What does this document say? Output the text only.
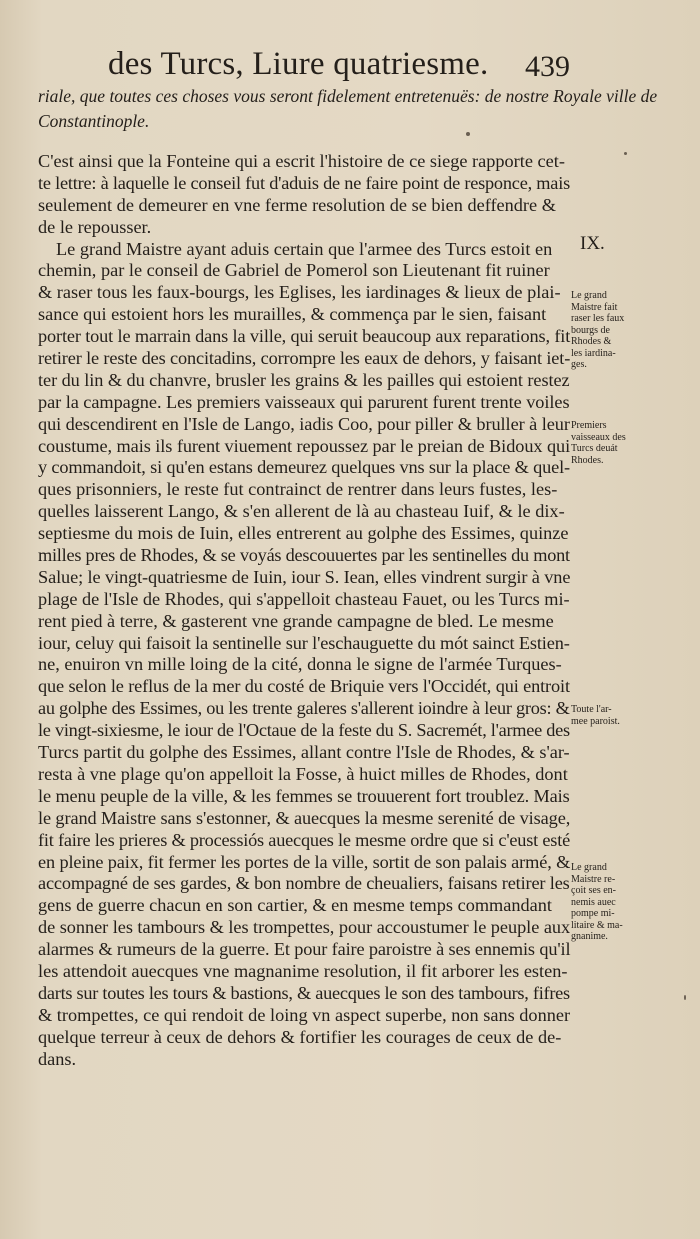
des Turcs, Liure quatriesme. 439
riale, que toutes ces choses vous seront fidelement entretenuës: de nostre Royale ville de
Constantinople.
C'est ainsi que la Fonteine qui a escrit l'histoire de ce siege rapporte cet-
te lettre: à laquelle le conseil fut d'aduis de ne faire point de responce, mais
seulement de demeurer en vne ferme resolution de se bien deffendre &
de le repousser.
Le grand Maistre ayant aduis certain que l'armee des Turcs estoit en
chemin, par le conseil de Gabriel de Pomerol son Lieutenant fit ruiner
& raser tous les faux-bourgs, les Eglises, les iardinages & lieux de plai-
sance qui estoient hors les murailles, & commença par le sien, faisant
porter tout le marrain dans la ville, qui seruit beaucoup aux reparations, fit
retirer le reste des concitadins, corrompre les eaux de dehors, y faisant iet-
ter du lin & du chanvre, brusler les grains & les pailles qui estoient restez
par la campagne. Les premiers vaisseaux qui parurent furent trente voiles
qui descendirent en l'Isle de Lango, iadis Coo, pour piller & bruller à leur
coustume, mais ils furent viuement repoussez par le preian de Bidoux qui
y commandoit, si qu'en estans demeurez quelques vns sur la place & quel-
ques prisonniers, le reste fut contrainct de rentrer dans leurs fustes, les-
quelles laisserent Lango, & s'en allerent de là au chasteau Iuif, & le dix-
septiesme du mois de Iuin, elles entrerent au golphe des Essimes, quinze
milles pres de Rhodes, & se voyás descouuertes par les sentinelles du mont
Salue; le vingt-quatriesme de Iuin, iour S. Iean, elles vindrent surgir à vne
plage de l'Isle de Rhodes, qui s'appelloit chasteau Fauet, ou les Turcs mi-
rent pied à terre, & gasterent vne grande campagne de bled. Le mesme
iour, celuy qui faisoit la sentinelle sur l'eschauguette du mót sainct Estien-
ne, enuiron vn mille loing de la cité, donna le signe de l'armée Turques-
que selon le reflus de la mer du costé de Briquie vers l'Occidét, qui entroit
au golphe des Essimes, ou les trente galeres s'allerent ioindre à leur gros: &
le vingt-sixiesme, le iour de l'Octaue de la feste du S. Sacremét, l'armee des
Turcs partit du golphe des Essimes, allant contre l'Isle de Rhodes, & s'ar-
resta à vne plage qu'on appelloit la Fosse, à huict milles de Rhodes, dont
le menu peuple de la ville, & les femmes se trouuerent fort troublez. Mais
le grand Maistre sans s'estonner, & auecques la mesme serenité de visage,
fit faire les prieres & processiós auecques le mesme ordre que si c'eust esté
en pleine paix, fit fermer les portes de la ville, sortit de son palais armé, &
accompagné de ses gardes, & bon nombre de cheualiers, faisans retirer les
gens de guerre chacun en son cartier, & en mesme temps commandant
de sonner les tambours & les trompettes, pour accoustumer le peuple aux
alarmes & rumeurs de la guerre. Et pour faire paroistre à ses ennemis qu'il
les attendoit auecques vne magnanime resolution, il fit arborer les esten-
darts sur toutes les tours & bastions, & auecques le son des tambours, fifres
& trompettes, ce qui rendoit de loing vn aspect superbe, non sans donner
quelque terreur à ceux de dehors & fortifier les courages de ceux de de-
dans.
IX.
Le grand
Maistre fait
raser les faux
bourgs de
Rhodes &
les iardina-
ges.
Premiers
vaisseaux des
Turcs deuát
Rhodes.
Toute l'ar-
mee paroist.
Le grand
Maistre re-
çoit ses en-
nemis auec
pompe mi-
litaire & ma-
gnanime.
